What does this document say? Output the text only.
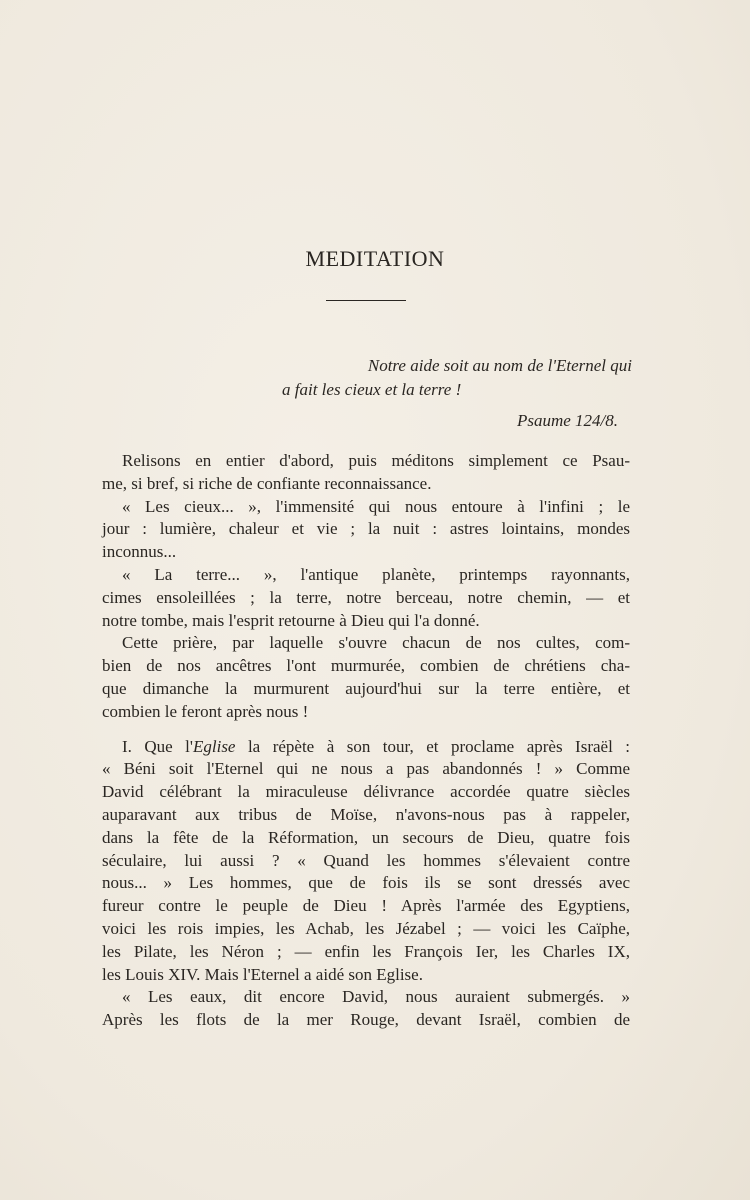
MEDITATION
Notre aide soit au nom de l'Eternel qui
a fait les cieux et la terre !
Psaume 124/8.
Relisons en entier d'abord, puis méditons simplement ce Psau-
me, si bref, si riche de confiante reconnaissance.
« Les cieux... », l'immensité qui nous entoure à l'infini ; le
jour : lumière, chaleur et vie ; la nuit : astres lointains, mondes
inconnus...
« La terre... », l'antique planète, printemps rayonnants,
cimes ensoleillées ; la terre, notre berceau, notre chemin, — et
notre tombe, mais l'esprit retourne à Dieu qui l'a donné.
Cette prière, par laquelle s'ouvre chacun de nos cultes, com-
bien de nos ancêtres l'ont murmurée, combien de chrétiens cha-
que dimanche la murmurent aujourd'hui sur la terre entière, et
combien le feront après nous !
I. Que l'Eglise la répète à son tour, et proclame après Israël :
« Béni soit l'Eternel qui ne nous a pas abandonnés ! » Comme
David célébrant la miraculeuse délivrance accordée quatre siècles
auparavant aux tribus de Moïse, n'avons-nous pas à rappeler,
dans la fête de la Réformation, un secours de Dieu, quatre fois
séculaire, lui aussi ? « Quand les hommes s'élevaient contre
nous... » Les hommes, que de fois ils se sont dressés avec
fureur contre le peuple de Dieu ! Après l'armée des Egyptiens,
voici les rois impies, les Achab, les Jézabel ; — voici les Caïphe,
les Pilate, les Néron ; — enfin les François Ier, les Charles IX,
les Louis XIV. Mais l'Eternel a aidé son Eglise.
« Les eaux, dit encore David, nous auraient submergés. »
Après les flots de la mer Rouge, devant Israël, combien de
